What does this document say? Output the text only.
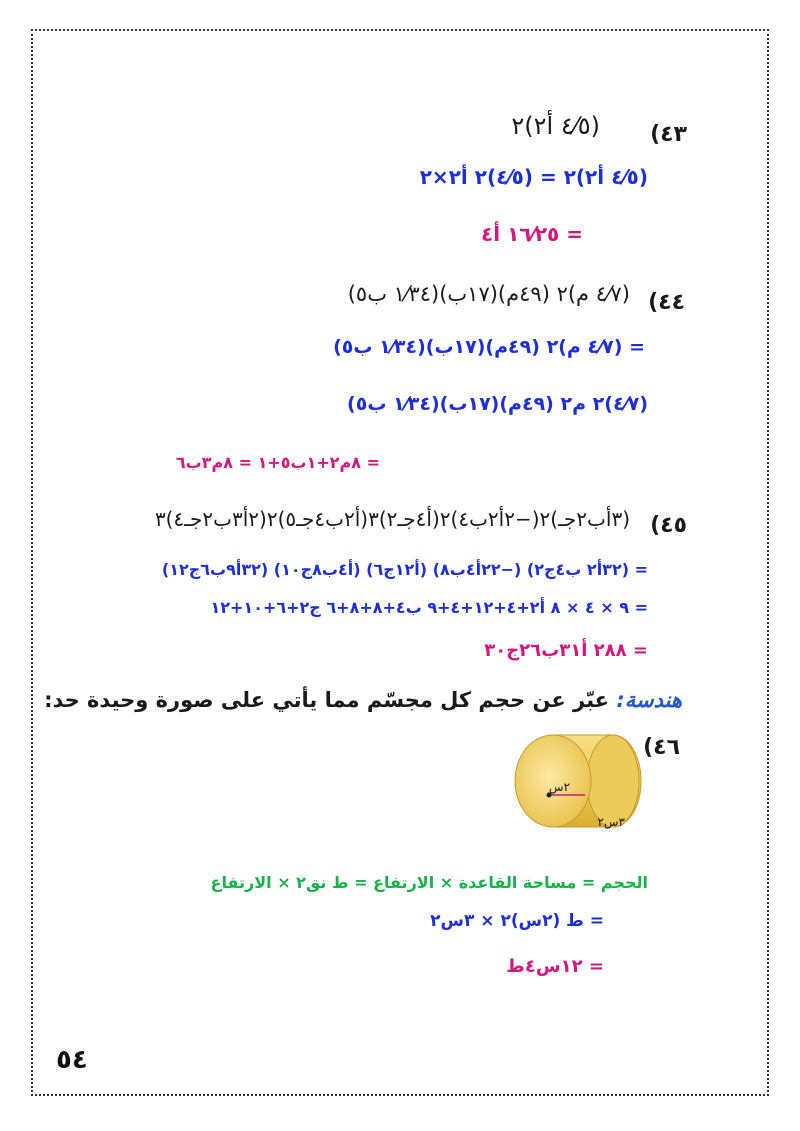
٤٣)
(٤⁄٥ أ٢)٢
(٤⁄٥ أ٢)٢ = (٤⁄٥)٢ أ٢×٢
= ١٦⁄٢٥ أ٤
٤٤)
(٤⁄٧ م)٢ (٤٩م)(١٧ب)(١⁄٣٤ ب٥)
= (٤⁄٧ م)٢ (٤٩م)(١٧ب)(١⁄٣٤ ب٥)
(٤⁄٧)٢ م٢ (٤٩م)(١٧ب)(١⁄٣٤ ب٥)
= ٨م٢+١ب٥+١ = ٨م٣ب٦
٤٥)
(٣أب٢جـ)٢(−٢أ٢ب٤)٢(أ٤جـ٢)٣(أ٢ب٤جـ٥)٢(٢أ٣ب٢جـ٤)٣
= (٣٢أ٢ ب٤ج٢) (−٢٢أ٤ب٨) (أ١٢ج٦) (أ٤ب٨ج١٠) (٣٢أ٩ب٦ج١٢)
= ٩ × ٤ × ٨ أ٢+٤+١٢+٤+٩ ب٤+٨+٨+٦ ج٢+٦+١٠+١٢
= ٢٨٨ أ٣١ب٢٦ج٣٠
هندسة: عبّر عن حجم كل مجسّم مما يأتي على صورة وحيدة حد:
٤٦)
٢س
٣س٢
الحجم = مساحة القاعدة × الارتفاع = ط نق٢ × الارتفاع
= ط (٢س)٢ × ٣س٢
= ١٢س٤ط
٥٤
